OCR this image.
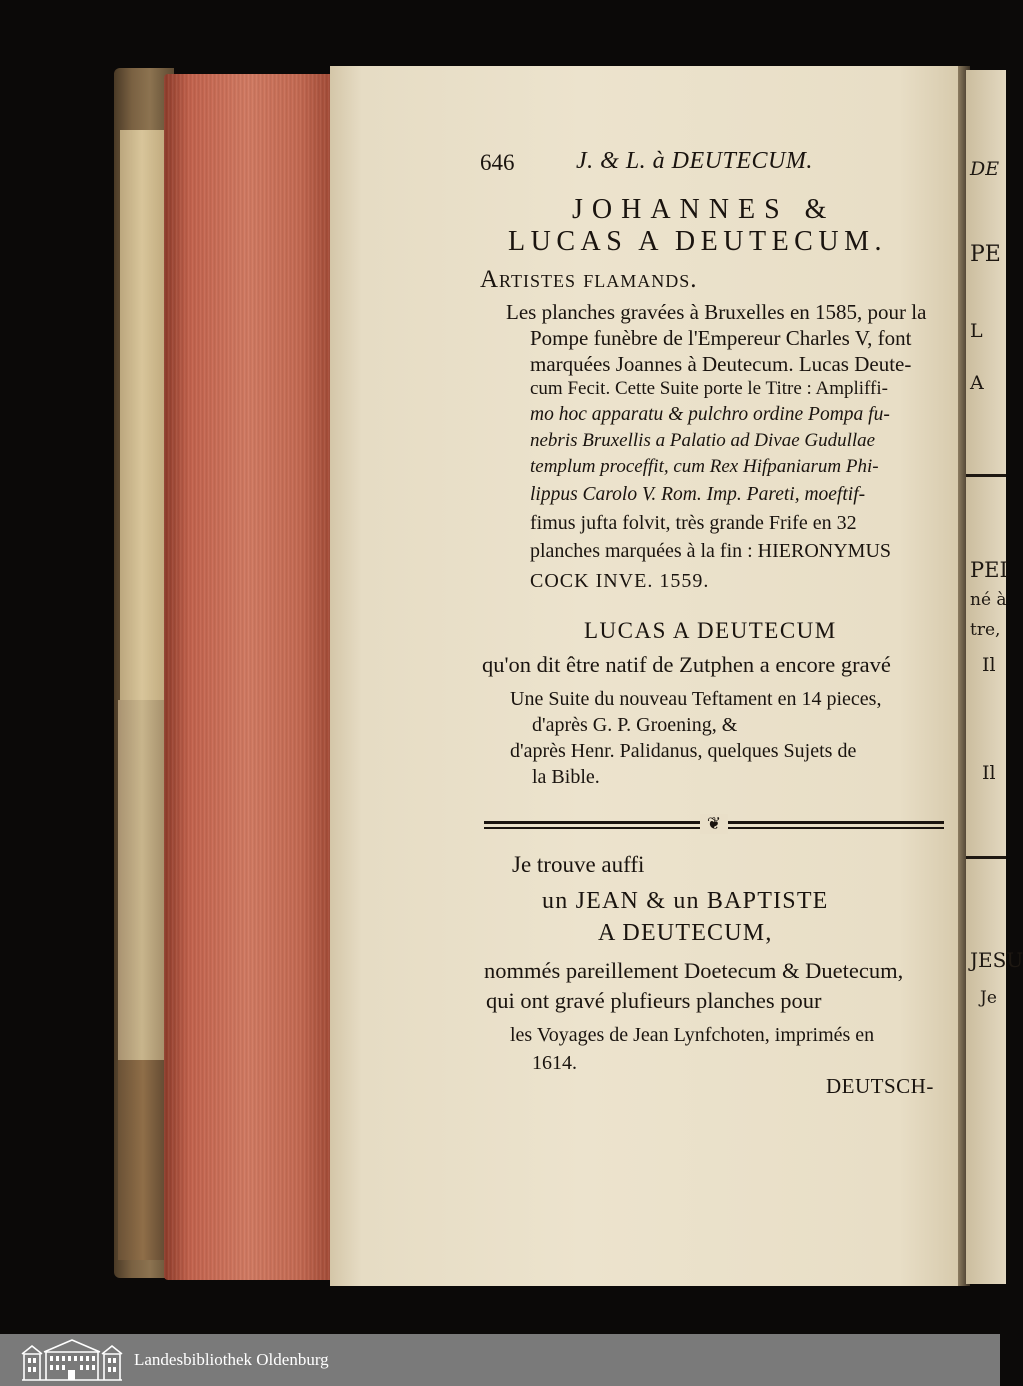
DE
PE
L
A
PEI
né à
tre,
Il
Il
JESU
Je
646	J. & L. à DEUTECUM.
JOHANNES &
LUCAS A DEUTECUM.
Artistes flamands.
Les planches gravées à Bruxelles en 1585, pour la
Pompe funèbre de l'Empereur Charles V, font
marquées Joannes à Deutecum. Lucas Deute-
cum Fecit. Cette Suite porte le Titre : Ampliffi-
mo hoc apparatu & pulchro ordine Pompa fu-
nebris Bruxellis a Palatio ad Divae Gudullae
templum proceffit, cum Rex Hifpaniarum Phi-
lippus Carolo V. Rom. Imp. Pareti, moeftif-
fimus jufta folvit, très grande Frife en 32
planches marquées à la fin : HIERONYMUS
COCK INVE. 1559.
LUCAS A DEUTECUM
qu'on dit être natif de Zutphen a encore gravé
Une Suite du nouveau Teftament en 14 pieces,
d'après G. P. Groening, &
d'après Henr. Palidanus, quelques Sujets de
la Bible.
❦
Je trouve auffi
un JEAN & un BAPTISTE
A DEUTECUM,
nommés pareillement Doetecum & Duetecum,
qui ont gravé plufieurs planches pour
les Voyages de Jean Lynfchoten, imprimés en
1614.
DEUTSCH-
Landesbibliothek Oldenburg
